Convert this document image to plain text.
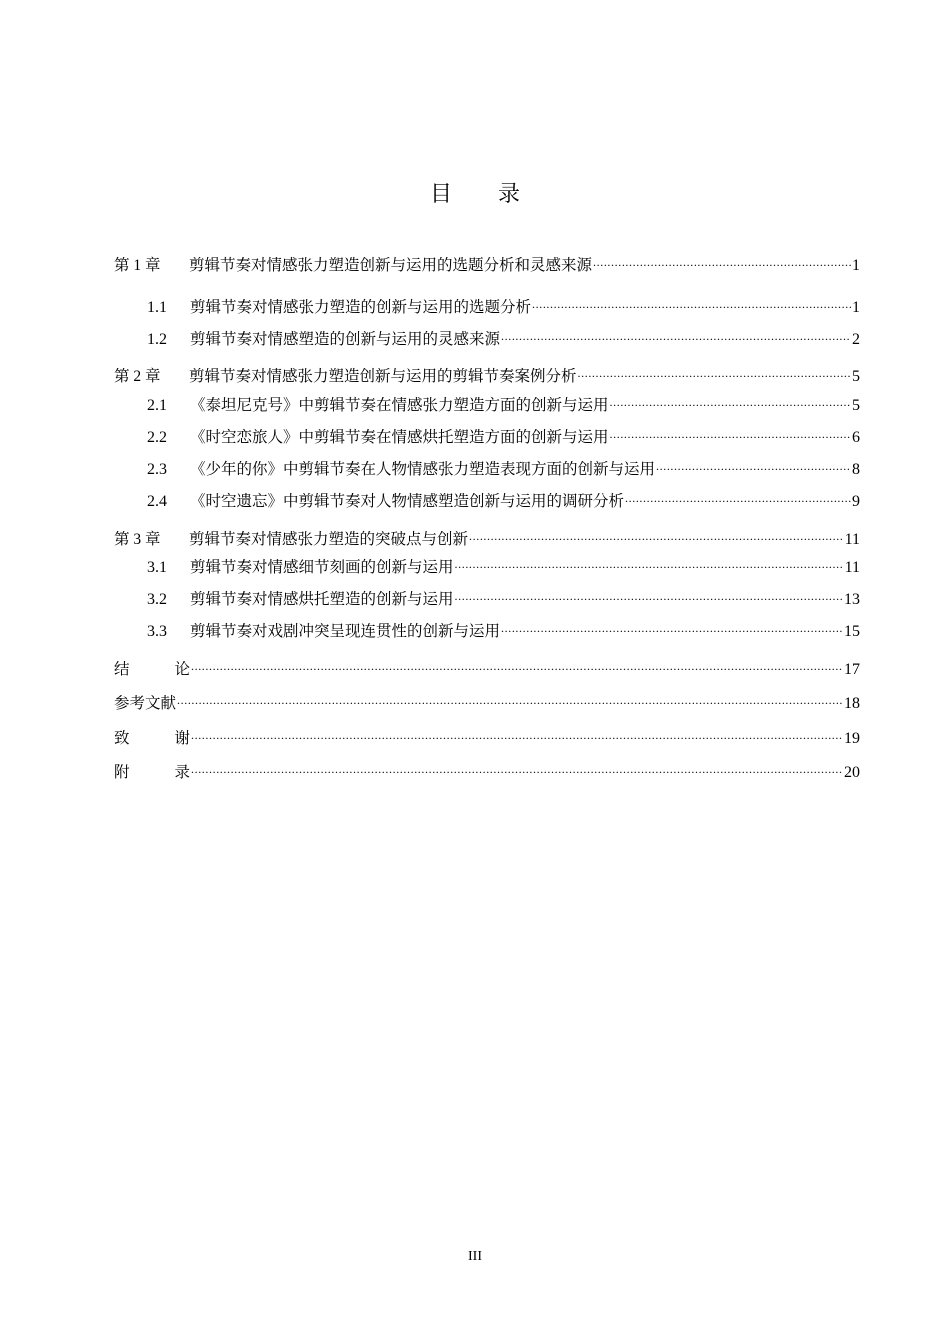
目 录
第 1 章	剪辑节奏对情感张力塑造创新与运用的选题分析和灵感来源 .....	1
1.1	剪辑节奏对情感张力塑造的创新与运用的选题分析 .....	1
1.2	剪辑节奏对情感塑造的创新与运用的灵感来源 .....	2
第 2 章	剪辑节奏对情感张力塑造创新与运用的剪辑节奏案例分析 .....	5
2.1	《泰坦尼克号》中剪辑节奏在情感张力塑造方面的创新与运用 .....	5
2.2	《时空恋旅人》中剪辑节奏在情感烘托塑造方面的创新与运用 .....	6
2.3	《少年的你》中剪辑节奏在人物情感张力塑造表现方面的创新与运用 .....	8
2.4	《时空遗忘》中剪辑节奏对人物情感塑造创新与运用的调研分析 .....	9
第 3 章	剪辑节奏对情感张力塑造的突破点与创新 .....	11
3.1	剪辑节奏对情感细节刻画的创新与运用 .....	11
3.2	剪辑节奏对情感烘托塑造的创新与运用 .....	13
3.3	剪辑节奏对戏剧冲突呈现连贯性的创新与运用 .....	15
结	论 .....	17
参考文献 .....	18
致	谢 .....	19
附	录 .....	20
III
